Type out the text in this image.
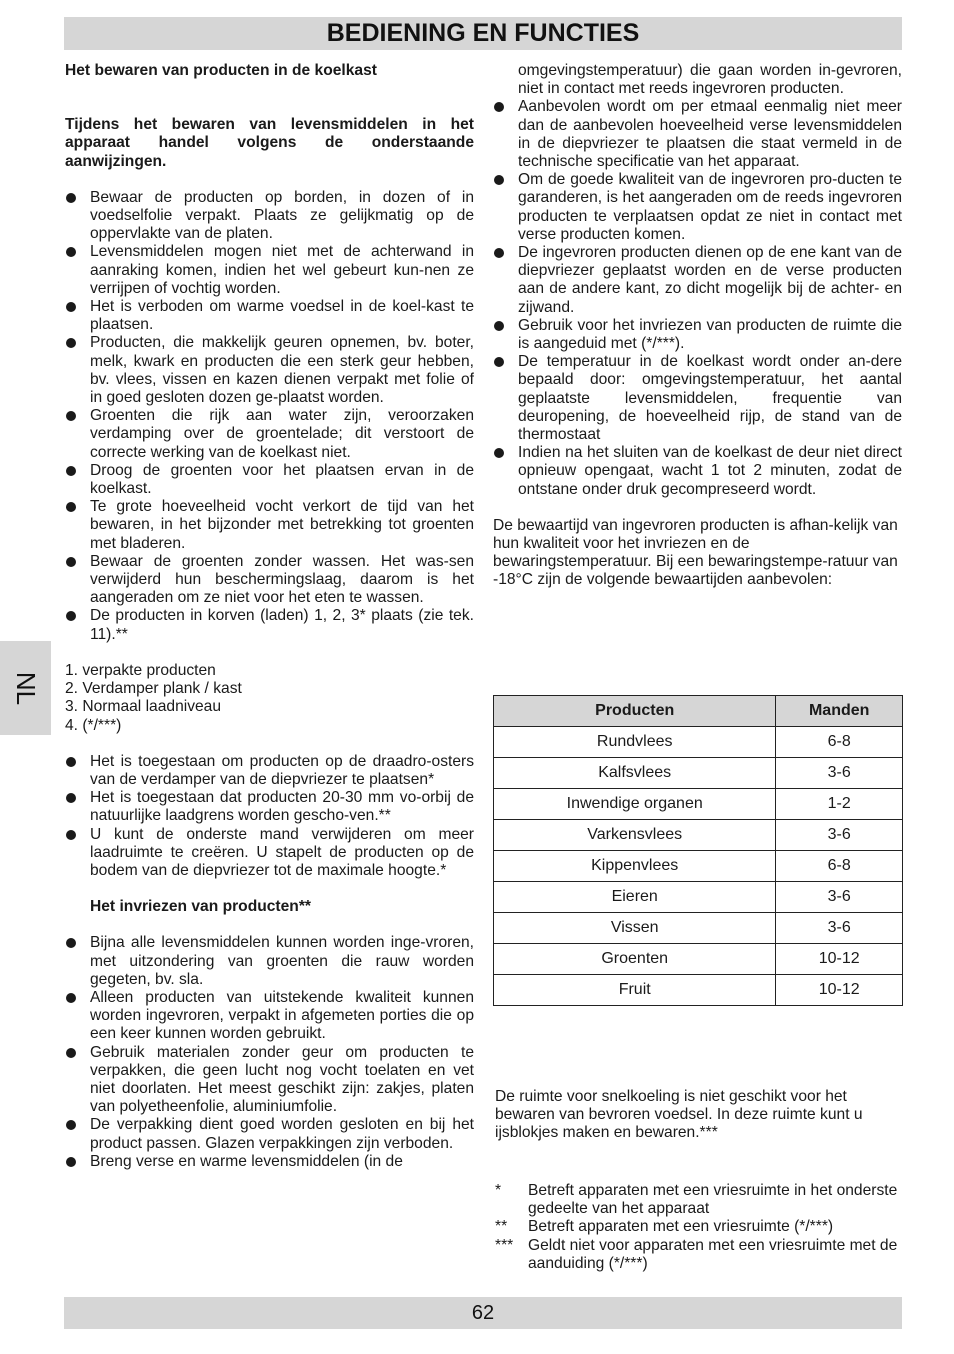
BEDIENING EN FUNCTIES
NL

Het bewaren van producten in de koelkast

Tijdens het bewaren van levensmiddelen in het apparaat handel volgens de onderstaande aanwijzingen.

Bewaar de producten op borden, in dozen of in voedselfolie verpakt. Plaats ze gelijkmatig op de oppervlakte van de platen.
Levensmiddelen mogen niet met de achterwand in aanraking komen, indien het wel gebeurt kun-nen ze verrijpen of vochtig worden.
Het is verboden om warme voedsel in de koel-kast te plaatsen.
Producten, die makkelijk geuren opnemen, bv. boter, melk, kwark en producten die een sterk geur hebben, bv. vlees, vissen en kazen dienen verpakt met folie of in goed gesloten dozen ge-plaatst worden.
Groenten die rijk aan water zijn, veroorzaken verdamping over de groentelade; dit verstoort de correcte werking van de koelkast niet.
Droog de groenten voor het plaatsen ervan in de koelkast.
Te grote hoeveelheid vocht verkort de tijd van het bewaren, in het bijzonder met betrekking tot groenten met bladeren.
Bewaar de groenten zonder wassen. Het was-sen verwijderd hun beschermingslaag, daarom is het aangeraden om ze niet voor het eten te wassen.
De producten in korven (laden) 1, 2, 3* plaats (zie tek. 11).**
1. verpakte producten
2. Verdamper plank / kast
3. Normaal laadniveau
4. (*/***)
Het is toegestaan om producten op de draadro-osters van de verdamper van de diepvriezer te plaatsen*
Het is toegestaan dat producten 20-30 mm vo-orbij de natuurlijke laadgrens worden gescho-ven.**
U kunt de onderste mand verwijderen om meer laadruimte te creëren. U stapelt de producten op de bodem van de diepvriezer tot de maximale hoogte.*

Het invriezen van producten**

Bijna alle levensmiddelen kunnen worden inge-vroren, met uitzondering van groenten die rauw worden gegeten, bv. sla.
Alleen producten van uitstekende kwaliteit kunnen worden ingevroren, verpakt in afgemeten porties die op een keer kunnen worden gebruikt.
Gebruik materialen zonder geur om producten te verpakken, die geen lucht nog vocht toelaten en vet niet doorlaten. Het meest geschikt zijn: zakjes, platen van polyetheenfolie, aluminiumfolie.
De verpakking dient goed worden gesloten en bij het product passen. Glazen verpakkingen zijn verboden.
Breng verse en warme levensmiddelen (in de

omgevingstemperatuur) die gaan worden in-gevroren, niet in contact met reeds ingevroren producten.

Aanbevolen wordt om per etmaal eenmalig niet meer dan de aanbevolen hoeveelheid verse levensmiddelen in de diepvriezer te plaatsen die staat vermeld in de technische specificatie van het apparaat.
Om de goede kwaliteit van de ingevroren pro-ducten te garanderen, is het aangeraden om de reeds ingevroren producten te verplaatsen opdat ze niet in contact met verse producten komen.
De ingevroren producten dienen op de ene kant van de diepvriezer geplaatst worden en de verse producten aan de andere kant, zo dicht mogelijk bij de achter- en zijwand.
Gebruik voor het invriezen van producten de ruimte die is aangeduid met (*/***).
De temperatuur in de koelkast wordt onder an-dere bepaald door: omgevingstemperatuur, het aantal geplaatste levensmiddelen, frequentie van deuropening, de hoeveelheid rijp, de stand van de thermostaat
Indien na het sluiten van de koelkast de deur niet direct opnieuw opengaat, wacht 1 tot 2 minuten, zodat de ontstane onder druk gecompreseerd wordt.

De bewaartijd van ingevroren producten is afhan-kelijk van hun kwaliteit voor het invriezen en de bewaringstemperatuur. Bij een bewaringstempe-ratuur van -18°C zijn de volgende bewaartijden aanbevolen:

Producten	Manden
Rundvlees	6-8
Kalfsvlees	3-6
Inwendige organen	1-2
Varkensvlees	3-6
Kippenvlees	6-8
Eieren	3-6
Vissen	3-6
Groenten	10-12
Fruit	10-12

De ruimte voor snelkoeling is niet geschikt voor het bewaren van bevroren voedsel. In deze ruimte kunt u ijsblokjes maken en bewaren.***

*	Betreft apparaten met een vriesruimte in het onderste gedeelte van het apparaat
**	Betreft apparaten met een vriesruimte (*/***)
*** Geldt niet voor apparaten met een vriesruimte met de aanduiding (*/***)
62
